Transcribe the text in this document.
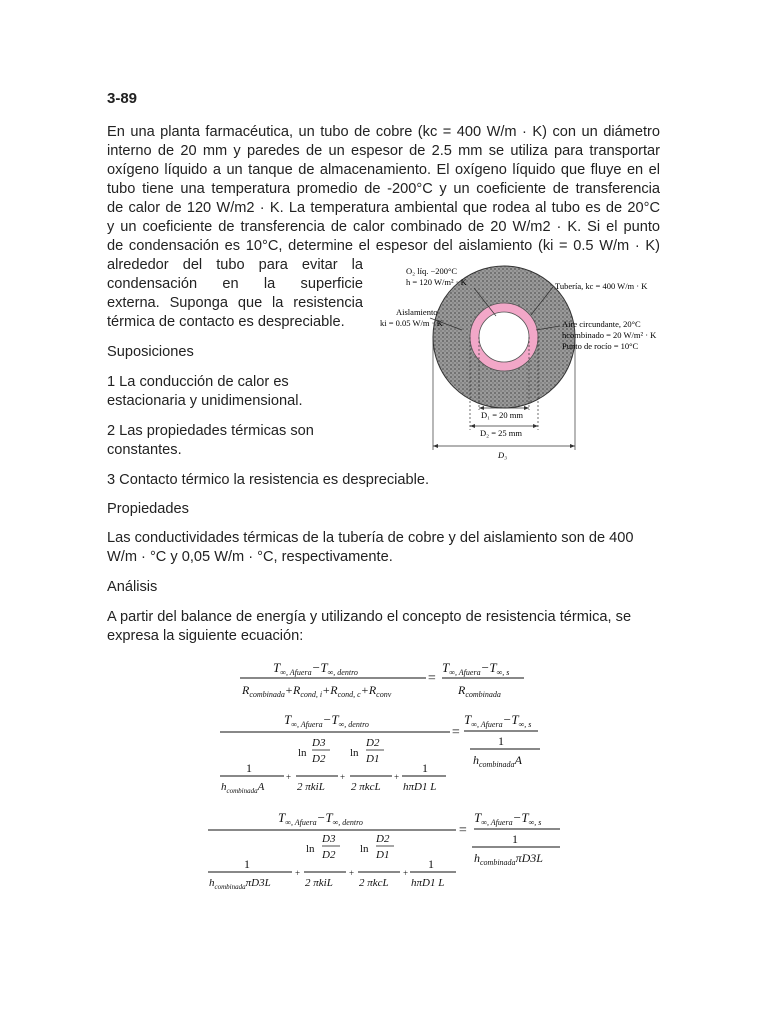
3-89

En una planta farmacéutica, un tubo de cobre (kc = 400 W/m · K) con un diámetro

interno de 20 mm y paredes de un espesor de 2.5 mm se utiliza para transportar

oxígeno líquido a un tanque de almacenamiento. El oxígeno líquido que fluye en el

tubo tiene una temperatura promedio de -200°C y un coeficiente de transferencia

de calor de 120 W/m2 · K. La temperatura ambiental que rodea al tubo es de 20°C

y un coeficiente de transferencia de calor combinado de 20 W/m2 · K. Si el punto

de condensación es 10°C, determine el espesor del aislamiento (ki = 0.5 W/m · K)

alrededor del tubo para evitar la

condensación en la superficie

externa. Suponga que la resistencia

térmica de contacto es despreciable.

Suposiciones

1 La conducción de calor es estacionaria y unidimensional.

2 Las propiedades térmicas son constantes.

3 Contacto térmico la resistencia es despreciable.

Propiedades

Las conductividades térmicas de la tubería de cobre y del aislamiento son de 400 W/m · °C y 0,05 W/m · °C, respectivamente.

Análisis

A partir del balance de energía y utilizando el concepto de resistencia térmica, se expresa la siguiente ecuación:

O₂ líq. −200°C
h = 120 W/m² · K	Tubería, kc = 400 W/m · K
Aislamiento
ki = 0.05 W/m · K	Aire circundante, 20°C
hcombinado = 20 W/m² · K
Punto de rocío = 10°C
D₁ = 20 mm
D₂ = 25 mm
D₃
$T_{\infty, Afuera}-T_{\infty, dentro}$
$R_{combinada}+R_{cond, i}+R_{cond, c}+R_{conv}$
=
$T_{\infty, Afuera}-T_{\infty, s}$
$R_{combinada}$
$T_{\infty, Afuera}-T_{\infty, dentro}$
=
$T_{\infty, Afuera}-T_{\infty, s}$
1
$h_{combinada}A$
1
$h_{combinada}A$
+
ln
D3
D2
2 πkiL
+
ln
D2
D1
2 πkcL
+
1
hπD1 L
$T_{\infty, Afuera}-T_{\infty, dentro}$
=
$T_{\infty, Afuera}-T_{\infty, s}$
1
$h_{combinada}\pi D3L$
1
$h_{combinada}\pi D3L$
+
ln
D3
D2
2 πkiL
+
ln
D2
D1
2 πkcL
+
1
hπD1 L
